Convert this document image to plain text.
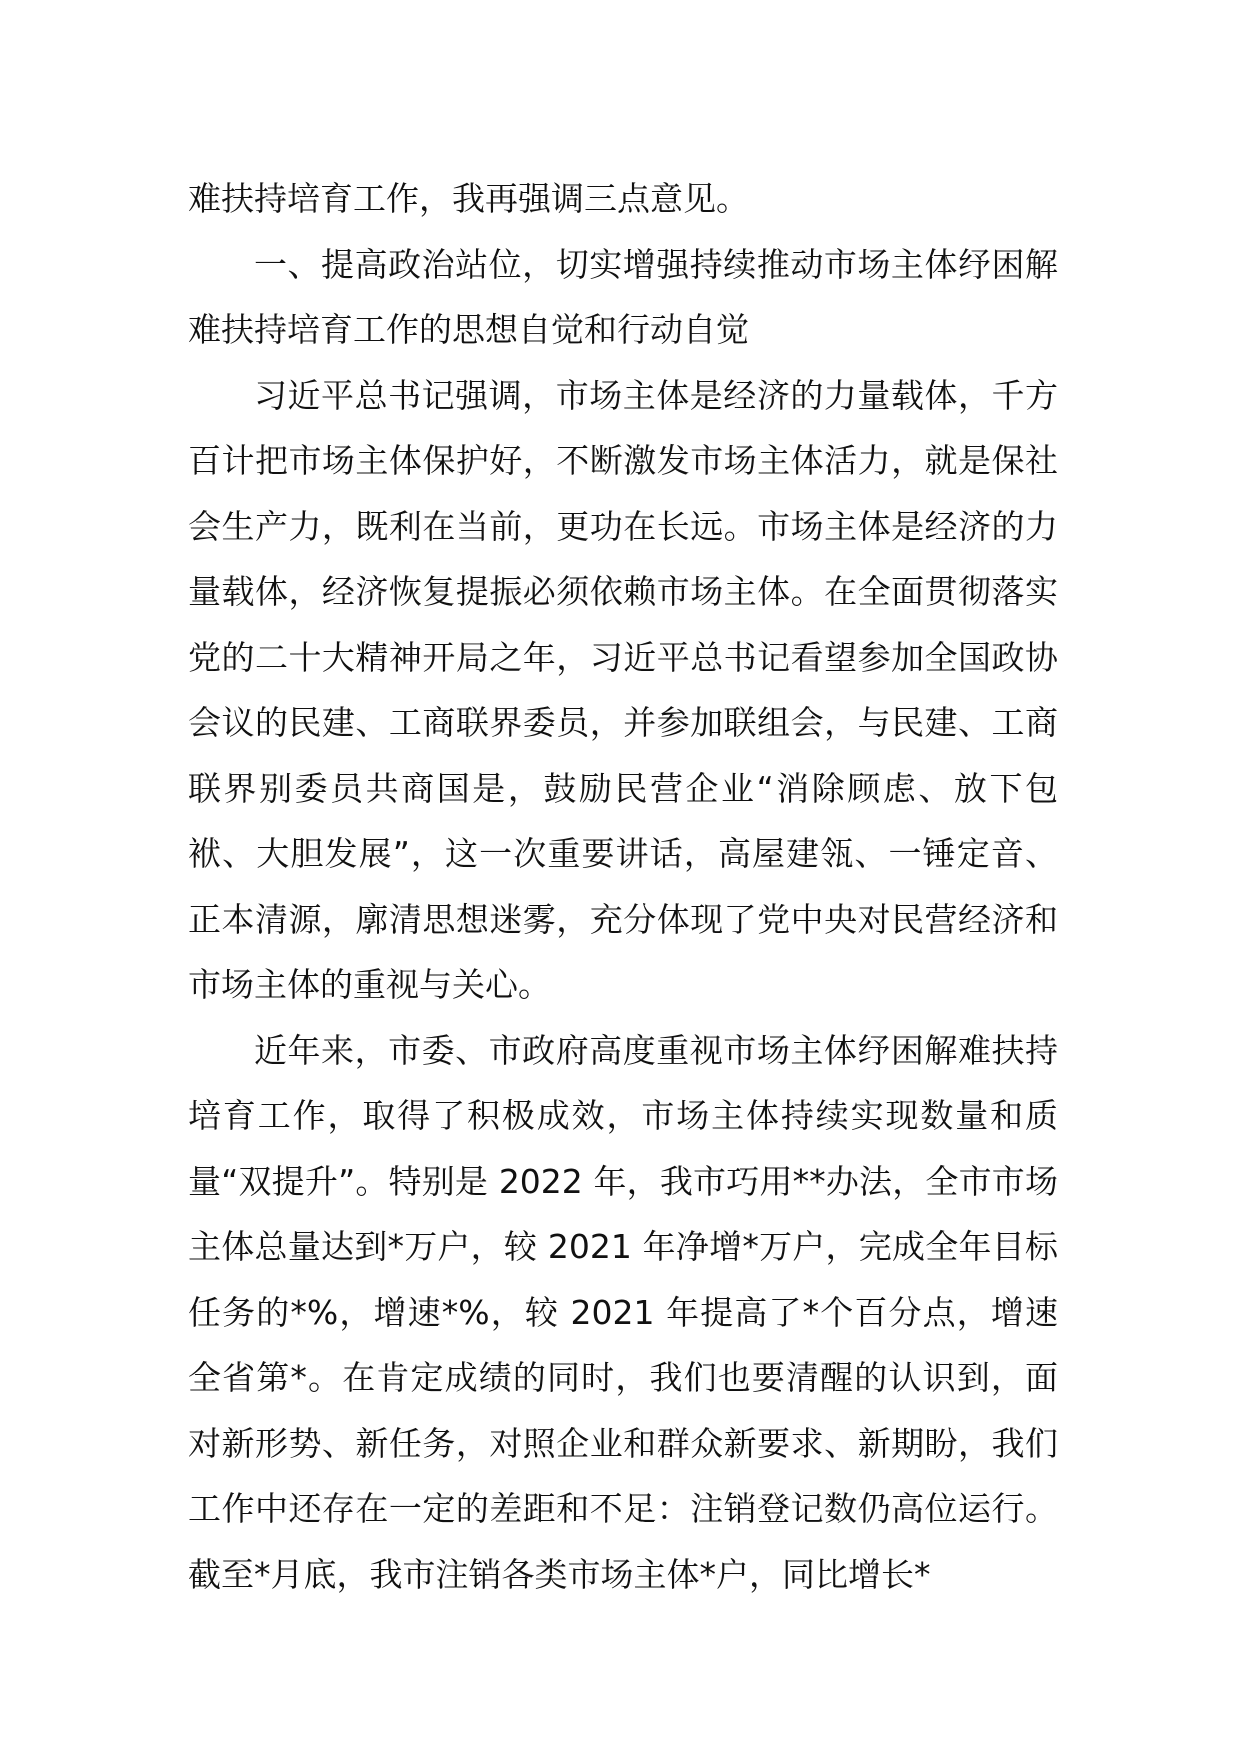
难扶持培育工作，我再强调三点意见。

一、提高政治站位，切实增强持续推动市场主体纾困解难扶持培育工作的思想自觉和行动自觉

习近平总书记强调，市场主体是经济的力量载体，千方百计把市场主体保护好，不断激发市场主体活力，就是保社会生产力，既利在当前，更功在长远。市场主体是经济的力量载体，经济恢复提振必须依赖市场主体。在全面贯彻落实党的二十大精神开局之年，习近平总书记看望参加全国政协会议的民建、工商联界委员，并参加联组会，与民建、工商联界别委员共商国是，鼓励民营企业“消除顾虑、放下包袱、大胆发展”，这一次重要讲话，高屋建瓴、一锤定音、正本清源，廓清思想迷雾，充分体现了党中央对民营经济和市场主体的重视与关心。

近年来，市委、市政府高度重视市场主体纾困解难扶持培育工作，取得了积极成效，市场主体持续实现数量和质量“双提升”。特别是 2022 年，我市巧用**办法，全市市场主体总量达到*万户，较 2021 年净增*万户，完成全年目标任务的*%，增速*%，较 2021 年提高了*个百分点，增速全省第*。在肯定成绩的同时，我们也要清醒的认识到，面对新形势、新任务，对照企业和群众新要求、新期盼，我们工作中还存在一定的差距和不足：注销登记数仍高位运行。截至*月底，我市注销各类市场主体*户，同比增长*
